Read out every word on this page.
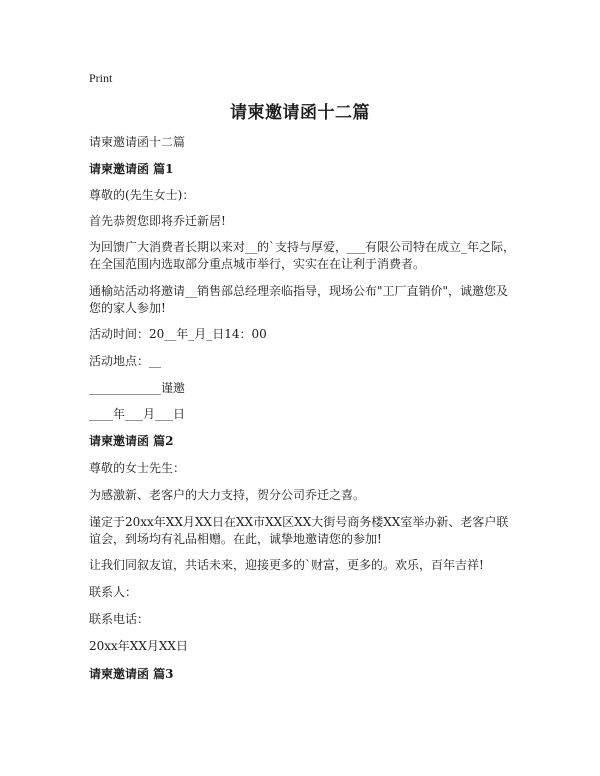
Print
请柬邀请函十二篇
请柬邀请函十二篇
请柬邀请函 篇1
尊敬的(先生女士)：
首先恭贺您即将乔迁新居!
为回馈广大消费者长期以来对__的`支持与厚爱，___有限公司特在成立_年之际，在全国范围内选取部分重点城市举行，实实在在让利于消费者。
通榆站活动将邀请__销售部总经理亲临指导，现场公布"工厂直销价"，诚邀您及您的家人参加!
活动时间：20__年_月_日14：00
活动地点：__
____________谨邀
____年___月___日
请柬邀请函 篇2
尊敬的女士先生：
为感激新、老客户的大力支持，贺分公司乔迁之喜。
谨定于20xx年XX月XX日在XX市XX区XX大街号商务楼XX室举办新、老客户联谊会，到场均有礼品相赠。在此，诚挚地邀请您的参加!
让我们同叙友谊，共话未来，迎接更多的`财富，更多的。欢乐，百年吉祥!
联系人：
联系电话：
20xx年XX月XX日
请柬邀请函 篇3
